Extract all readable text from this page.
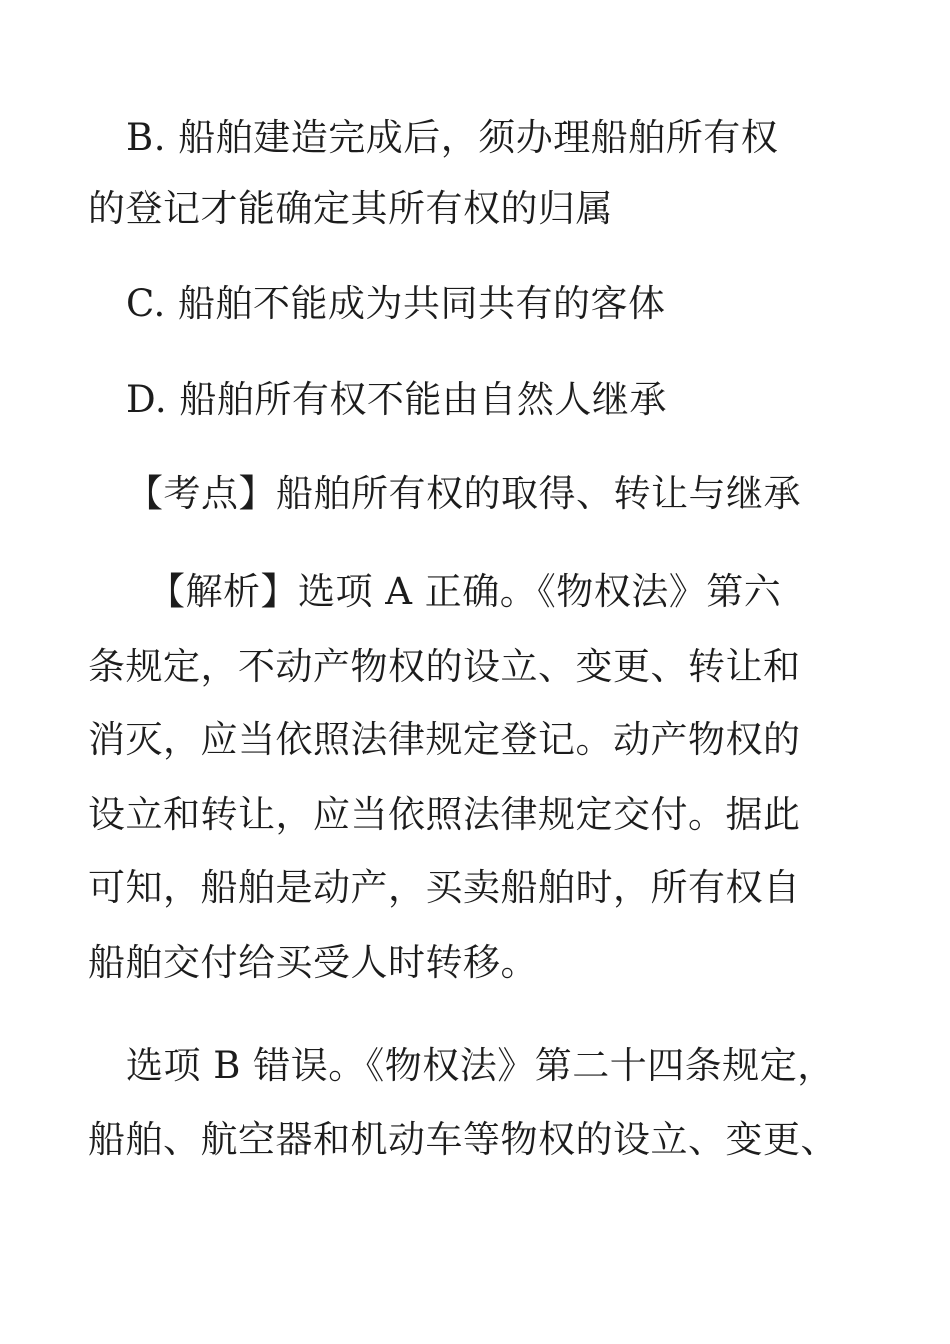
B. 船舶建造完成后，须办理船舶所有权
的登记才能确定其所有权的归属
C. 船舶不能成为共同共有的客体
D. 船舶所有权不能由自然人继承
【考点】船舶所有权的取得、转让与继承
【解析】选项 A 正确。《物权法》第六
条规定，不动产物权的设立、变更、转让和
消灭，应当依照法律规定登记。动产物权的
设立和转让，应当依照法律规定交付。据此
可知，船舶是动产，买卖船舶时，所有权自
船舶交付给买受人时转移。
选项 B 错误。《物权法》第二十四条规定，
船舶、航空器和机动车等物权的设立、变更、
